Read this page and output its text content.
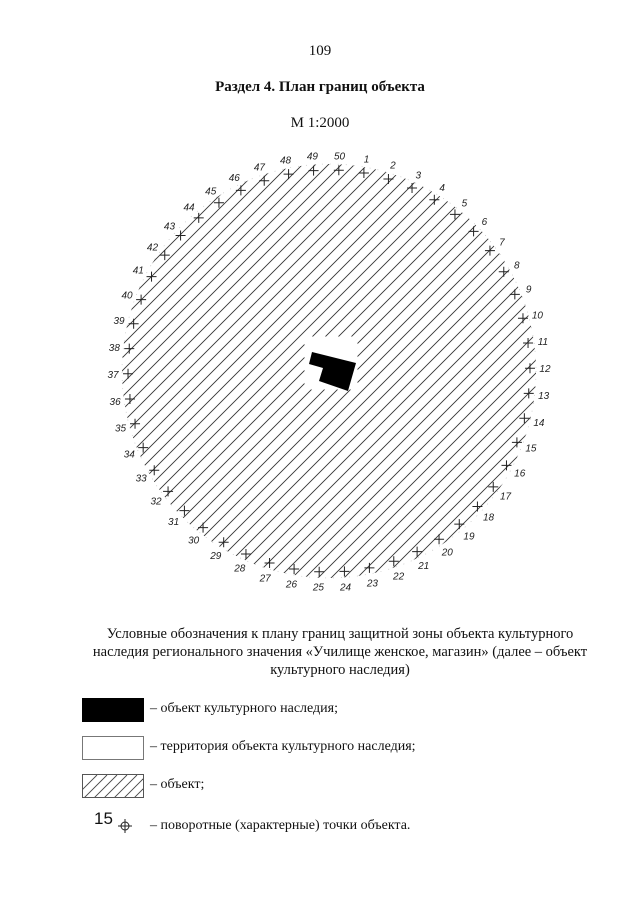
109
Раздел 4. План границ объекта
М 1:2000
1
2
3
4
5
6
7
8
9
10
11
12
13
14
15
16
17
18
19
20
21
22
23
24
25
26
27
28
29
30
31
32
33
34
35
36
37
38
39
40
41
42
43
44
45
46
47
48 49 50
Условные обозначения к плану границ защитной зоны объекта культурного наследия регионального значения «Училище женское, магазин» (далее – объект культурного наследия)
– объект культурного наследия;
– территория объекта культурного наследия;
– объект;
15	– поворотные (характерные) точки объекта.
